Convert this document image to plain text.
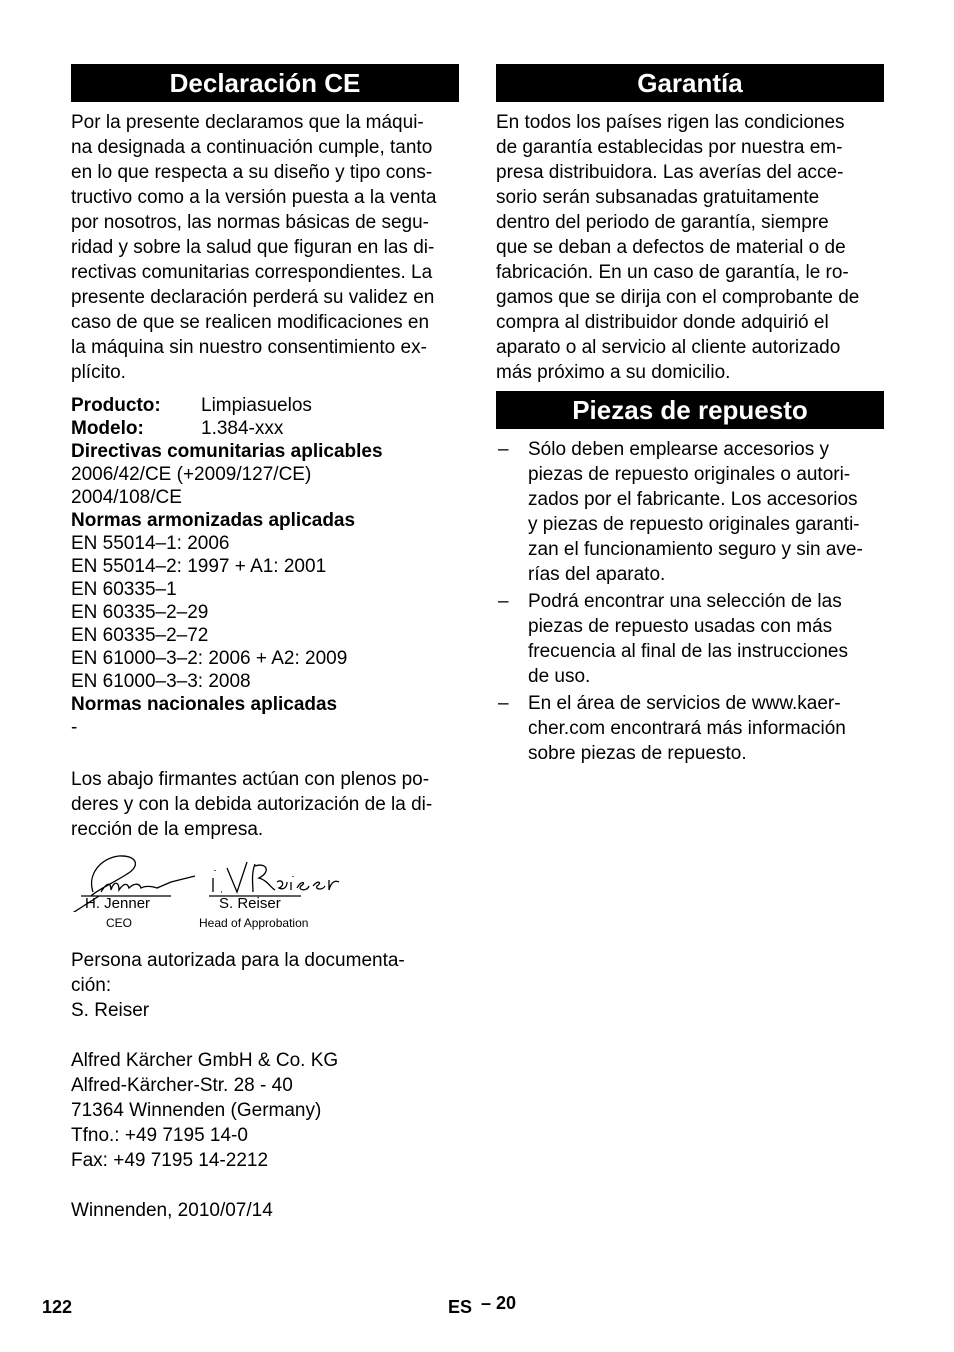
Declaración CE

Por la presente declaramos que la máqui-
na designada a continuación cumple, tanto
en lo que respecta a su diseño y tipo cons-
tructivo como a la versión puesta a la venta
por nosotros, las normas básicas de segu-
ridad y sobre la salud que figuran en las di-
rectivas comunitarias correspondientes. La
presente declaración perderá su validez en
caso de que se realicen modificaciones en
la máquina sin nuestro consentimiento ex-
plícito.

Producto:	Limpiasuelos
Modelo:	1.384-xxx
Directivas comunitarias aplicables
2006/42/CE (+2009/127/CE)
2004/108/CE
Normas armonizadas aplicadas
EN 55014–1: 2006
EN 55014–2: 1997 + A1: 2001
EN 60335–1
EN 60335–2–29
EN 60335–2–72
EN 61000–3–2: 2006 + A2: 2009
EN 61000–3–3: 2008
Normas nacionales aplicadas
-

Los abajo firmantes actúan con plenos po-
deres y con la debida autorización de la di-
rección de la empresa.

H. Jenner
CEO
S. Reiser
Head of Approbation

Persona autorizada para la documenta-
ción:
S. Reiser

Alfred Kärcher GmbH & Co. KG
Alfred-Kärcher-Str. 28 - 40
71364 Winnenden (Germany)
Tfno.: +49 7195 14-0
Fax: +49 7195 14-2212

Winnenden, 2010/07/14

Garantía

En todos los países rigen las condiciones
de garantía establecidas por nuestra em-
presa distribuidora. Las averías del acce-
sorio serán subsanadas gratuitamente
dentro del periodo de garantía, siempre
que se deban a defectos de material o de
fabricación. En un caso de garantía, le ro-
gamos que se dirija con el comprobante de
compra al distribuidor donde adquirió el
aparato o al servicio al cliente autorizado
más próximo a su domicilio.

Piezas de repuesto
– Sólo deben emplearse accesorios y
piezas de repuesto originales o autori-
zados por el fabricante. Los accesorios
y piezas de repuesto originales garanti-
zan el funcionamiento seguro y sin ave-
rías del aparato.
– Podrá encontrar una selección de las
piezas de repuesto usadas con más
frecuencia al final de las instrucciones
de uso.
– En el área de servicios de www.kaer-
cher.com encontrará más información
sobre piezas de repuesto.
122	ES – 20
